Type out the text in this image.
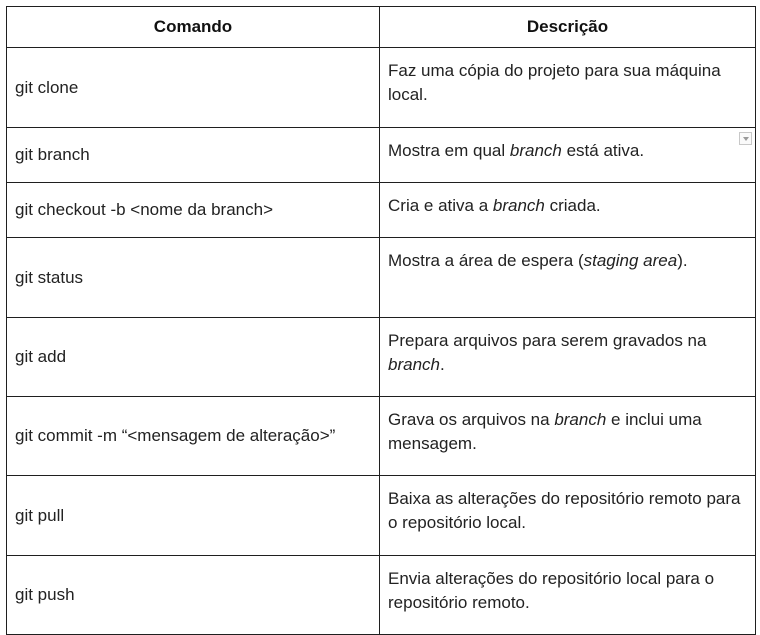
Comando	Descrição
git clone	Faz uma cópia do projeto para sua máquina local.
git branch	Mostra em qual branch está ativa.

git checkout -b <nome da branch>	Cria e ativa a branch criada.
git status	Mostra a área de espera (staging area).
git add	Prepara arquivos para serem gravados na branch.
git commit -m “<mensagem de alteração>”	Grava os arquivos na branch e inclui uma mensagem.
git pull	Baixa as alterações do repositório remoto para o repositório local.
git push	Envia alterações do repositório local para o repositório remoto.
